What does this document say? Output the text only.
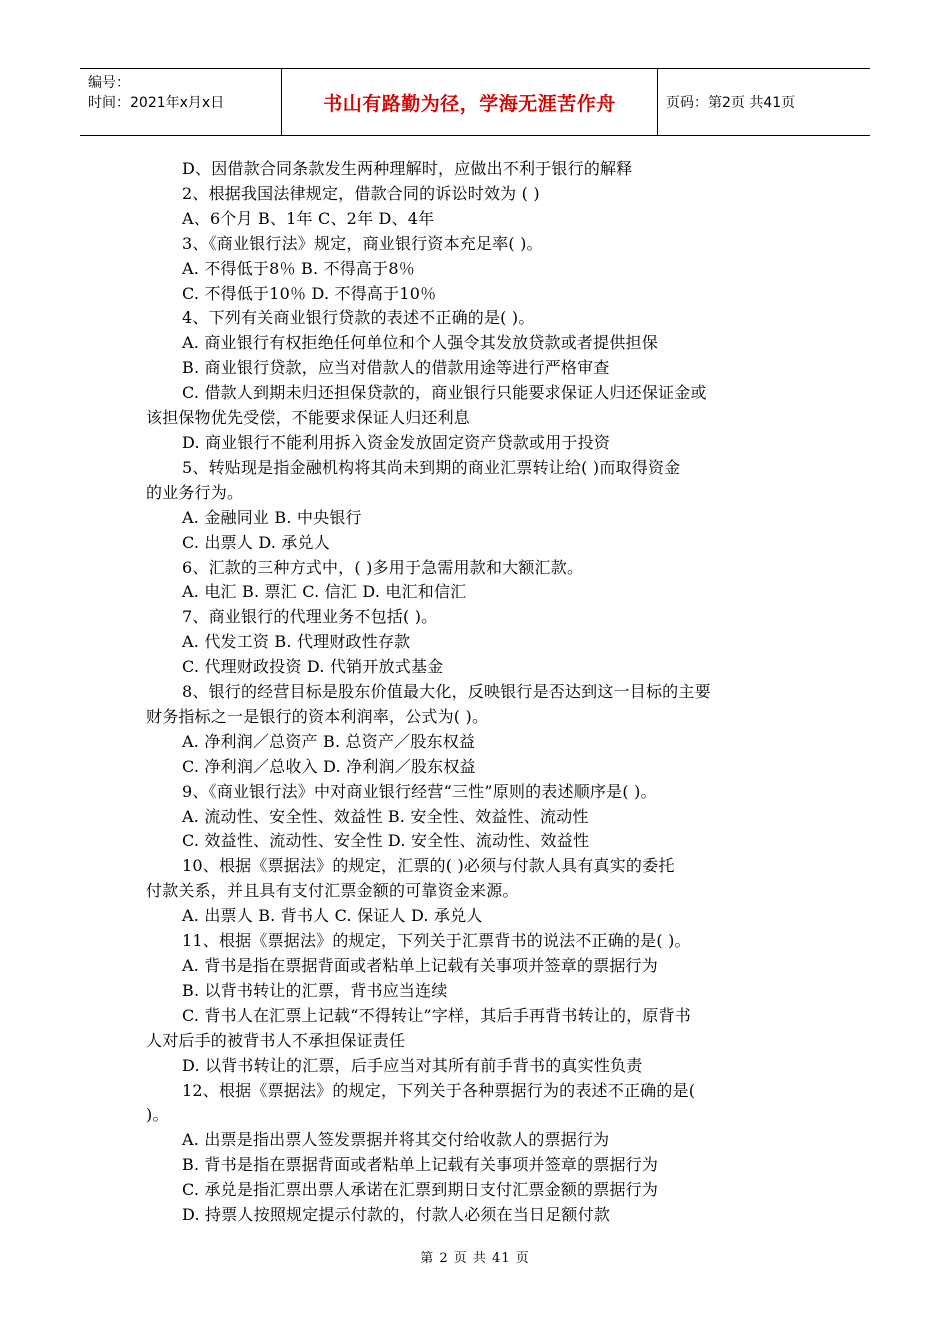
编号：
时间：2021年x月x日	书山有路勤为径，学海无涯苦作舟	页码：第2页 共41页
D、因借款合同条款发生两种理解时，应做出不利于银行的解释
2、根据我国法律规定，借款合同的诉讼时效为 ( )
A、6个月 B、1年 C、2年 D、4年
3、《商业银行法》规定，商业银行资本充足率( )。
A. 不得低于8％ B. 不得高于8％
C. 不得低于10％ D. 不得高于10％
4、下列有关商业银行贷款的表述不正确的是( )。
A. 商业银行有权拒绝任何单位和个人强令其发放贷款或者提供担保
B. 商业银行贷款，应当对借款人的借款用途等进行严格审查
C. 借款人到期未归还担保贷款的，商业银行只能要求保证人归还保证金或
该担保物优先受偿，不能要求保证人归还利息
D. 商业银行不能利用拆入资金发放固定资产贷款或用于投资
5、转贴现是指金融机构将其尚未到期的商业汇票转让给( )而取得资金
的业务行为。
A. 金融同业 B. 中央银行
C. 出票人 D. 承兑人
6、汇款的三种方式中，( )多用于急需用款和大额汇款。
A. 电汇 B. 票汇 C. 信汇 D. 电汇和信汇
7、商业银行的代理业务不包括( )。
A. 代发工资 B. 代理财政性存款
C. 代理财政投资 D. 代销开放式基金
8、银行的经营目标是股东价值最大化，反映银行是否达到这一目标的主要
财务指标之一是银行的资本利润率，公式为( )。
A. 净利润／总资产 B. 总资产／股东权益
C. 净利润／总收入 D. 净利润／股东权益
9、《商业银行法》中对商业银行经营“三性”原则的表述顺序是( )。
A. 流动性、安全性、效益性 B. 安全性、效益性、流动性
C. 效益性、流动性、安全性 D. 安全性、流动性、效益性
10、根据《票据法》的规定，汇票的( )必须与付款人具有真实的委托
付款关系，并且具有支付汇票金额的可靠资金来源。
A. 出票人 B. 背书人 C. 保证人 D. 承兑人
11、根据《票据法》的规定，下列关于汇票背书的说法不正确的是( )。
A. 背书是指在票据背面或者粘单上记载有关事项并签章的票据行为
B. 以背书转让的汇票，背书应当连续
C. 背书人在汇票上记载“不得转让”字样，其后手再背书转让的，原背书
人对后手的被背书人不承担保证责任
D. 以背书转让的汇票，后手应当对其所有前手背书的真实性负责
12、根据《票据法》的规定，下列关于各种票据行为的表述不正确的是(
)。
A. 出票是指出票人签发票据并将其交付给收款人的票据行为
B. 背书是指在票据背面或者粘单上记载有关事项并签章的票据行为
C. 承兑是指汇票出票人承诺在汇票到期日支付汇票金额的票据行为
D. 持票人按照规定提示付款的，付款人必须在当日足额付款
第 2 页 共 41 页
